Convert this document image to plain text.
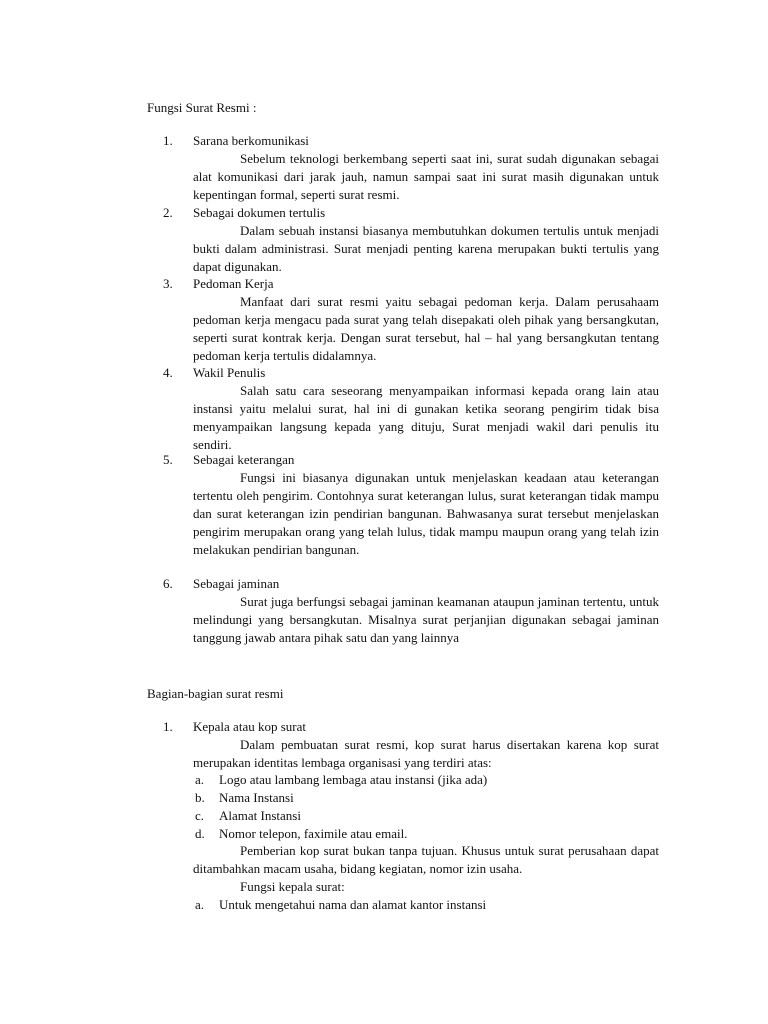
Fungsi Surat Resmi :
1.	Sarana berkomunikasi

Sebelum teknologi berkembang seperti saat ini, surat sudah digunakan sebagai alat komunikasi dari jarak jauh, namun sampai saat ini surat masih digunakan untuk kepentingan formal, seperti surat resmi.

2.	Sebagai dokumen tertulis

Dalam sebuah instansi biasanya membutuhkan dokumen tertulis untuk menjadi bukti dalam administrasi. Surat menjadi penting karena merupakan bukti tertulis yang dapat digunakan.

3.	Pedoman Kerja

Manfaat dari surat resmi yaitu sebagai pedoman kerja. Dalam perusahaam pedoman kerja mengacu pada surat yang telah disepakati oleh pihak yang bersangkutan, seperti surat kontrak kerja. Dengan surat tersebut, hal – hal yang bersangkutan tentang pedoman kerja tertulis didalamnya.

4.	Wakil Penulis

Salah satu cara seseorang menyampaikan informasi kepada orang lain atau instansi yaitu melalui surat, hal ini di gunakan ketika seorang pengirim tidak bisa menyampaikan langsung kepada yang dituju, Surat menjadi wakil dari penulis itu sendiri.

5.	Sebagai keterangan

Fungsi ini biasanya digunakan untuk menjelaskan keadaan atau keterangan tertentu oleh pengirim. Contohnya surat keterangan lulus, surat keterangan tidak mampu dan surat keterangan izin pendirian bangunan. Bahwasanya surat tersebut menjelaskan pengirim merupakan orang yang telah lulus, tidak mampu maupun orang yang telah izin melakukan pendirian bangunan.

6.	Sebagai jaminan

Surat juga berfungsi sebagai jaminan keamanan ataupun jaminan tertentu, untuk melindungi yang bersangkutan. Misalnya surat perjanjian digunakan sebagai jaminan tanggung jawab antara pihak satu dan yang lainnya

Bagian-bagian surat resmi
1.	Kepala atau kop surat

Dalam pembuatan surat resmi, kop surat harus disertakan karena kop surat merupakan identitas lembaga organisasi yang terdiri atas:

a.	Logo atau lambang lembaga atau instansi (jika ada)
b.	Nama Instansi
c.	Alamat Instansi
d.	Nomor telepon, faximile atau email.

Pemberian kop surat bukan tanpa tujuan. Khusus untuk surat perusahaan dapat ditambahkan macam usaha, bidang kegiatan, nomor izin usaha.

Fungsi kepala surat:

a.	Untuk mengetahui nama dan alamat kantor instansi
